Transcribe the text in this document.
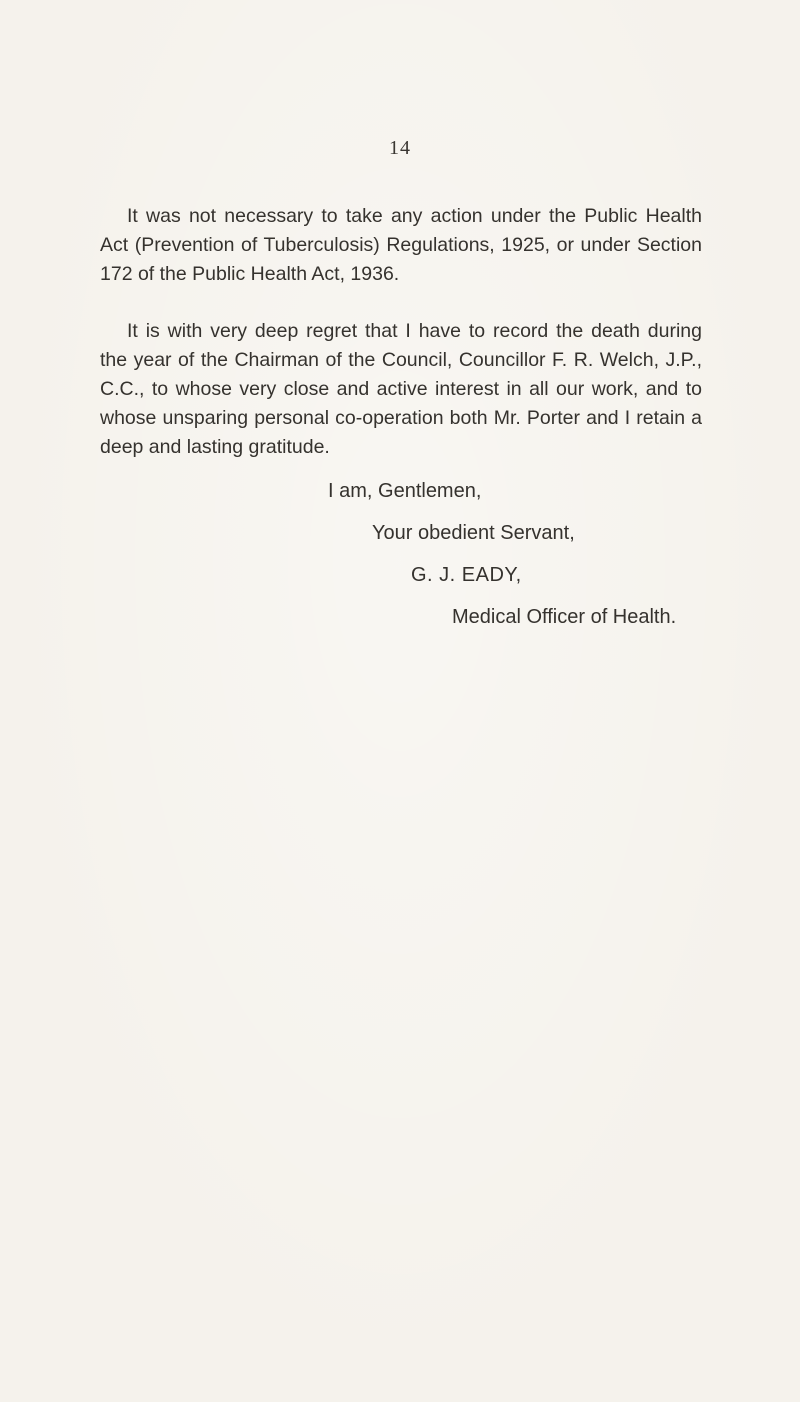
14

It was not necessary to take any action under the Public Health Act (Prevention of Tuberculosis) Regulations, 1925, or under Section 172 of the Public Health Act, 1936.

It is with very deep regret that I have to record the death during the year of the Chairman of the Council, Councillor F. R. Welch, J.P., C.C., to whose very close and active interest in all our work, and to whose unsparing personal co-operation both Mr. Porter and I retain a deep and lasting gratitude.

I am, Gentlemen,
Your obedient Servant,
G. J. EADY,
Medical Officer of Health.
